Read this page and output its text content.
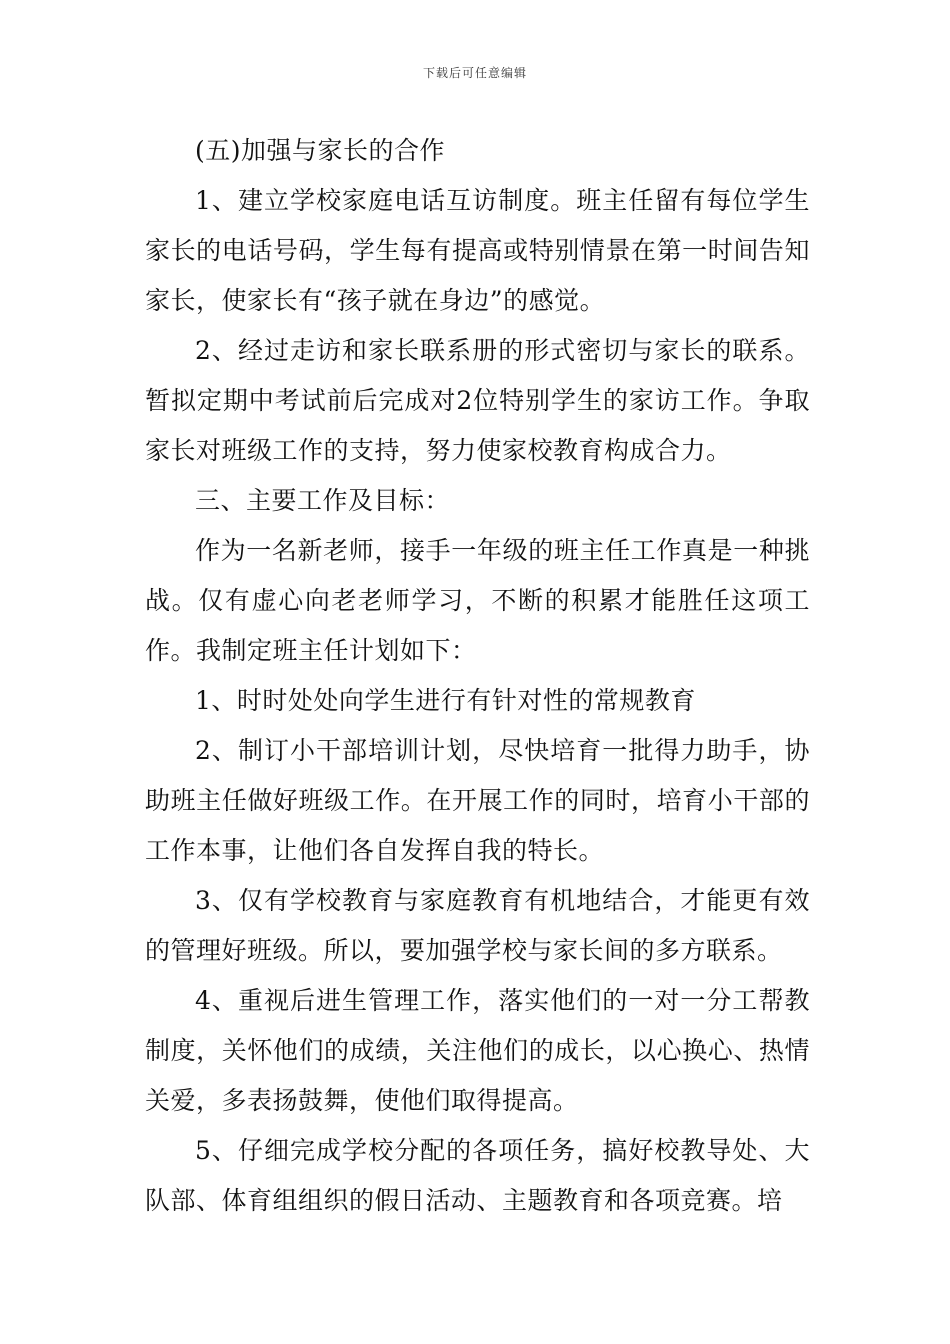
下载后可任意编辑

(五)加强与家长的合作

1、建立学校家庭电话互访制度。班主任留有每位学生家长的电话号码，学生每有提高或特别情景在第一时间告知家长，使家长有“孩子就在身边”的感觉。

2、经过走访和家长联系册的形式密切与家长的联系。暂拟定期中考试前后完成对2位特别学生的家访工作。争取家长对班级工作的支持，努力使家校教育构成合力。

三、主要工作及目标：

作为一名新老师，接手一年级的班主任工作真是一种挑战。仅有虚心向老老师学习，不断的积累才能胜任这项工作。我制定班主任计划如下：

1、时时处处向学生进行有针对性的常规教育

2、制订小干部培训计划，尽快培育一批得力助手，协助班主任做好班级工作。在开展工作的同时，培育小干部的工作本事，让他们各自发挥自我的特长。

3、仅有学校教育与家庭教育有机地结合，才能更有效的管理好班级。所以，要加强学校与家长间的多方联系。

4、重视后进生管理工作，落实他们的一对一分工帮教制度，关怀他们的成绩，关注他们的成长，以心换心、热情关爱，多表扬鼓舞，使他们取得提高。

5、仔细完成学校分配的各项任务，搞好校教导处、大队部、体育组组织的假日活动、主题教育和各项竞赛。培
